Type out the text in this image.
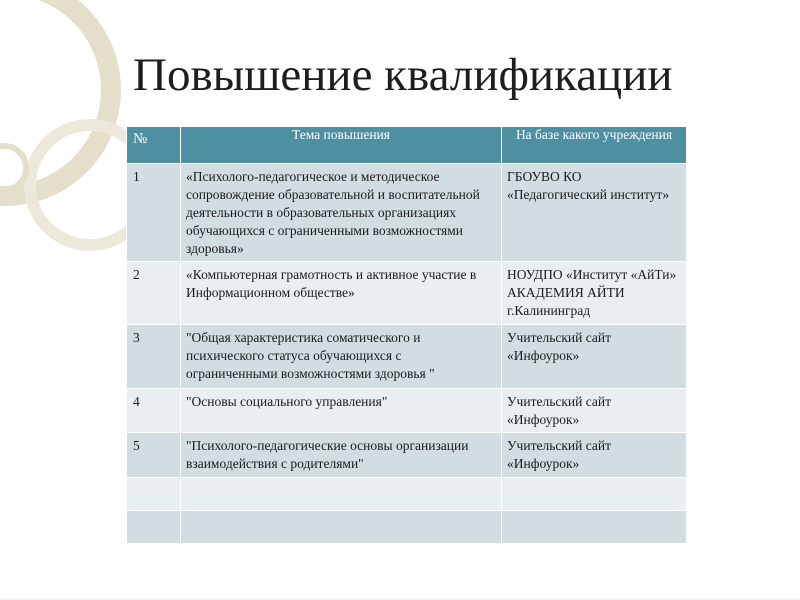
Повышение квалификации
№	Тема повышения	На базе какого учреждения

1	«Психолого-педагогическое и методическое сопровождение образовательной и воспитательной деятельности в образовательных организациях обучающихся с ограниченными возможностями здоровья»	ГБОУВО КО «Педагогический институт»
2	«Компьютерная грамотность и активное участие в Информационном обществе»	НОУДПО «Институт «АйТи» АКАДЕМИЯ АЙТИ г.Калининград
3	"Общая характеристика соматического и психического статуса обучающихся с ограниченными возможностями здоровья "	Учительский сайт «Инфоурок»
4	"Основы социального управления"	Учительский сайт «Инфоурок»
5	"Психолого-педагогические основы организации взаимодействия с родителями"	Учительский сайт «Инфоурок»
